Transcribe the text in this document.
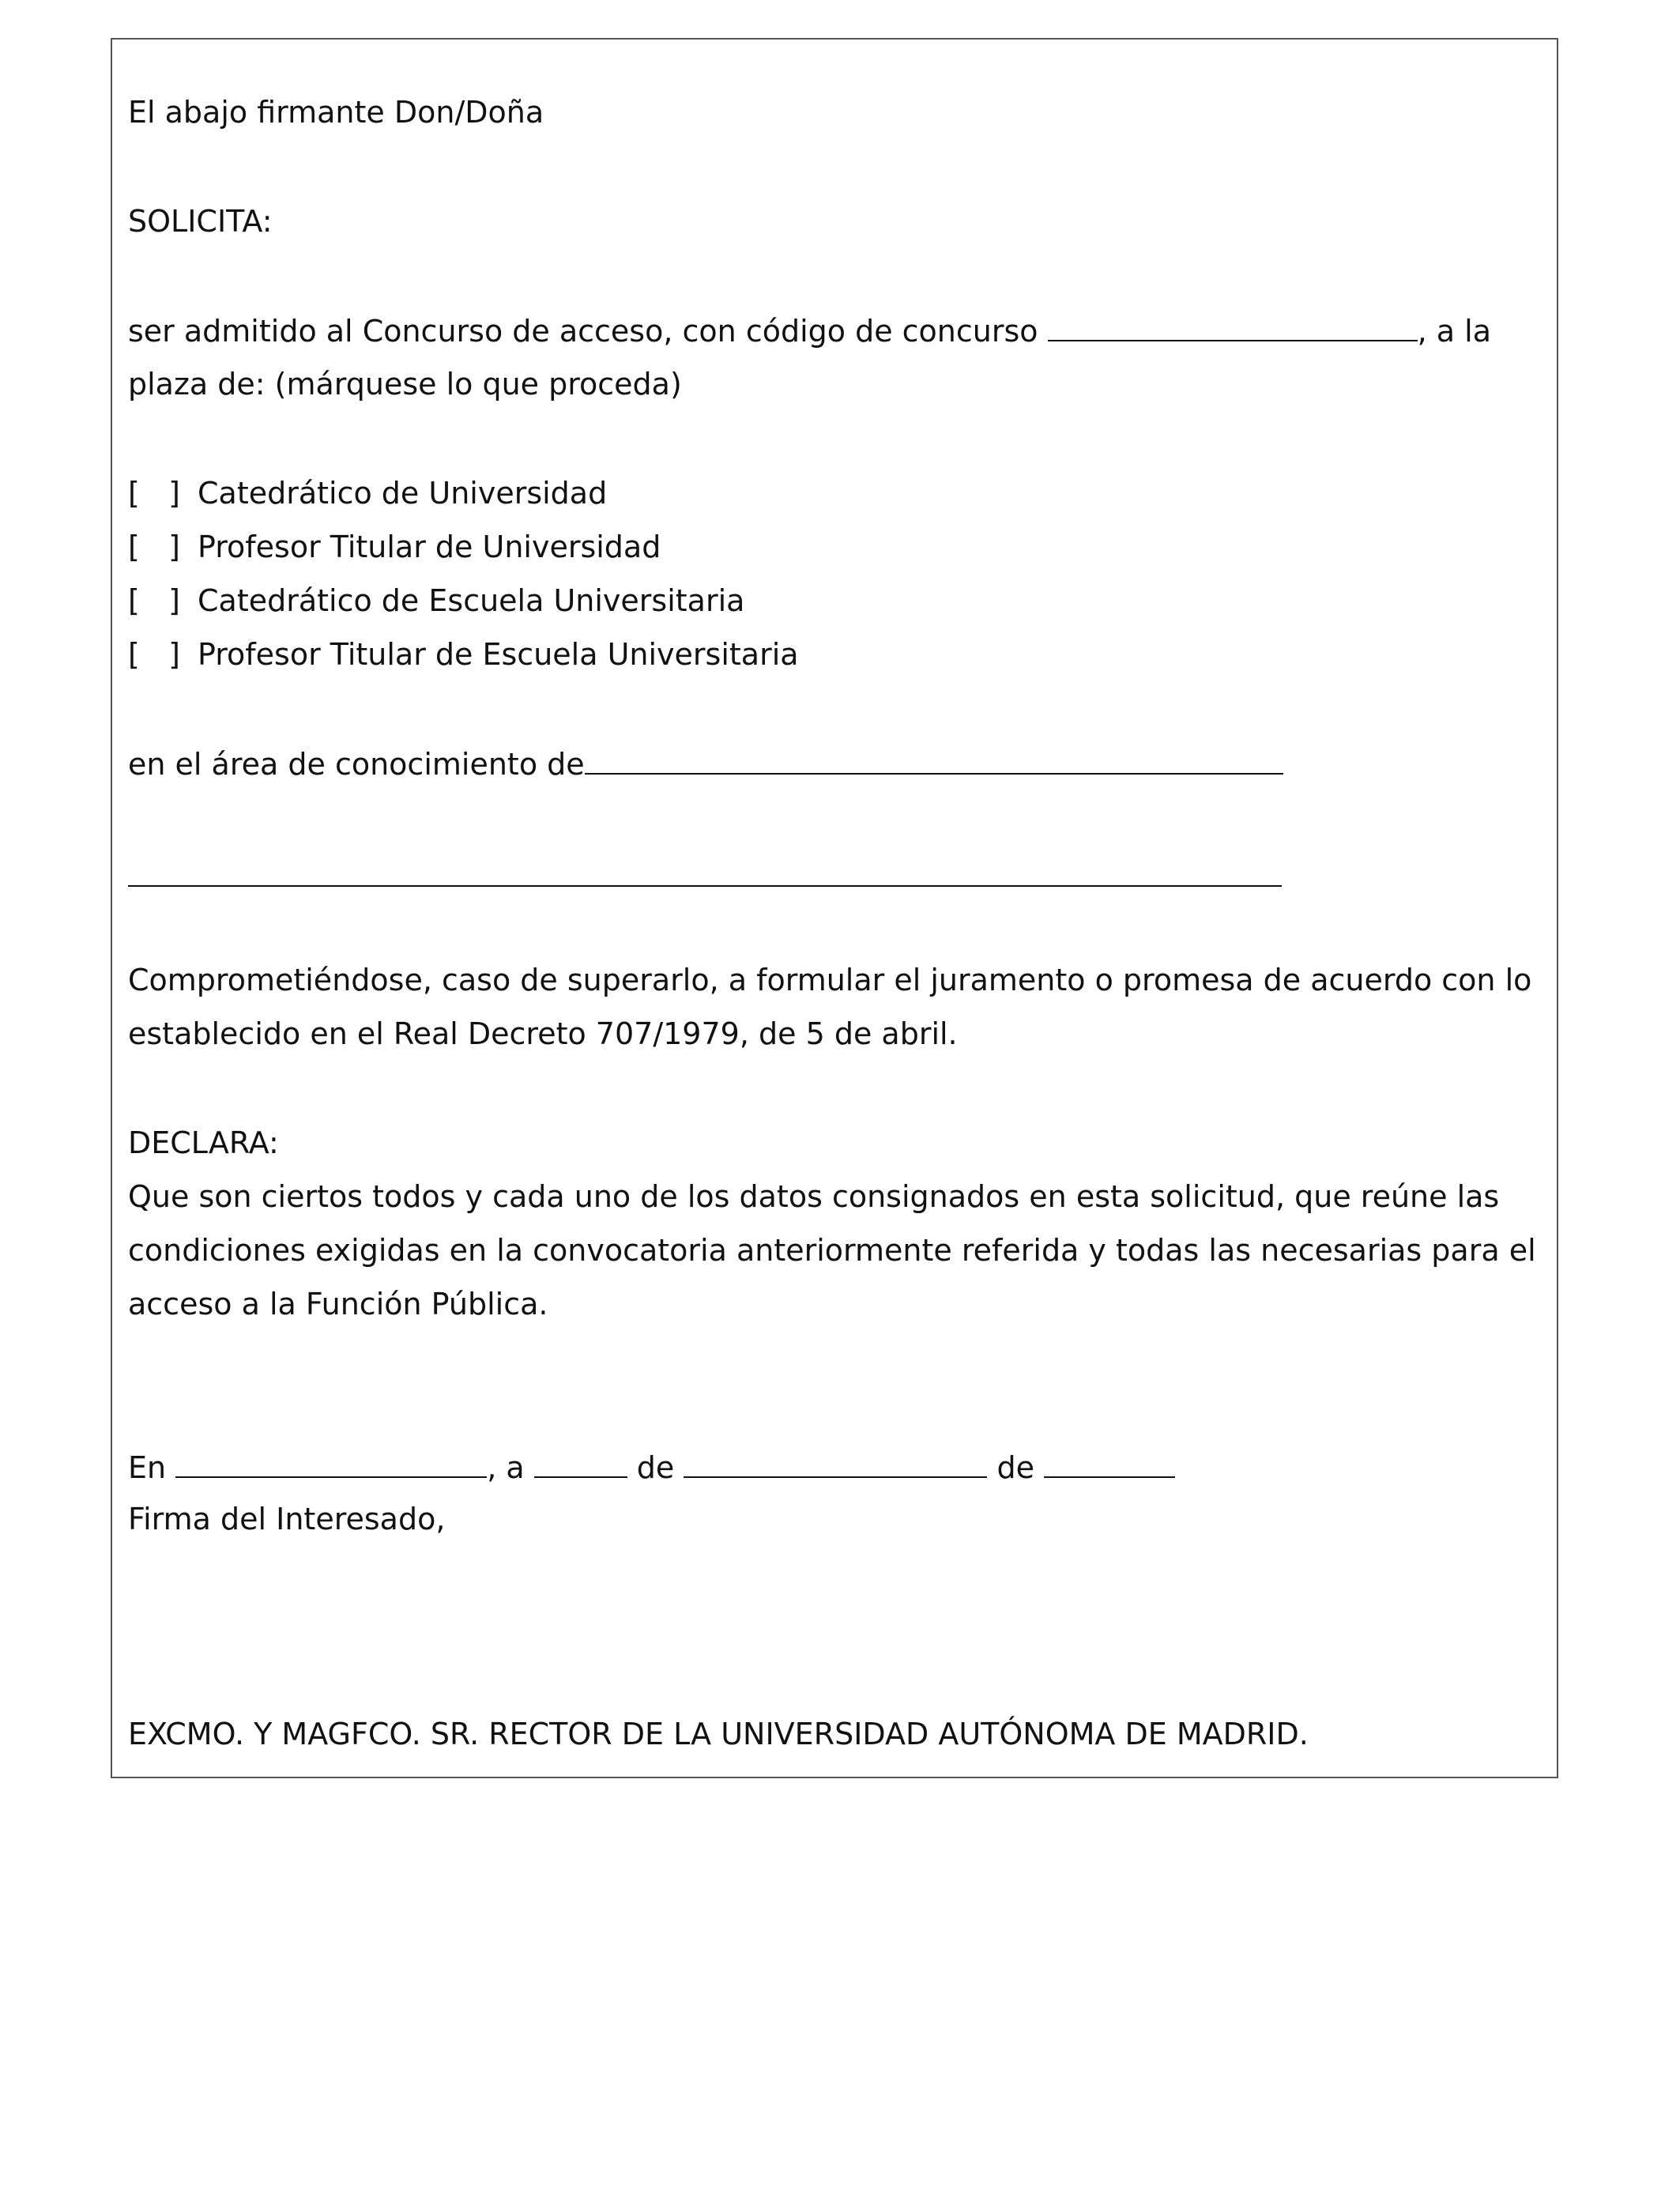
El abajo firmante Don/Doña

SOLICITA:

ser admitido al Concurso de acceso, con código de concurso	, a la

plaza de: (márquese lo que proceda)

[   ] Catedrático de Universidad
[   ] Profesor Titular de Universidad
[   ] Catedrático de Escuela Universitaria
[   ] Profesor Titular de Escuela Universitaria

en el área de conocimiento de

Comprometiéndose, caso de superarlo, a formular el juramento o promesa de acuerdo con lo

establecido en el Real Decreto 707/1979, de 5 de abril.

DECLARA:

Que son ciertos todos y cada uno de los datos consignados en esta solicitud, que reúne las

condiciones exigidas en la convocatoria anteriormente referida y todas las necesarias para el

acceso a la Función Pública.

En	, a	de	de

Firma del Interesado,

EXCMO. Y MAGFCO. SR. RECTOR DE LA UNIVERSIDAD AUTÓNOMA DE MADRID.
